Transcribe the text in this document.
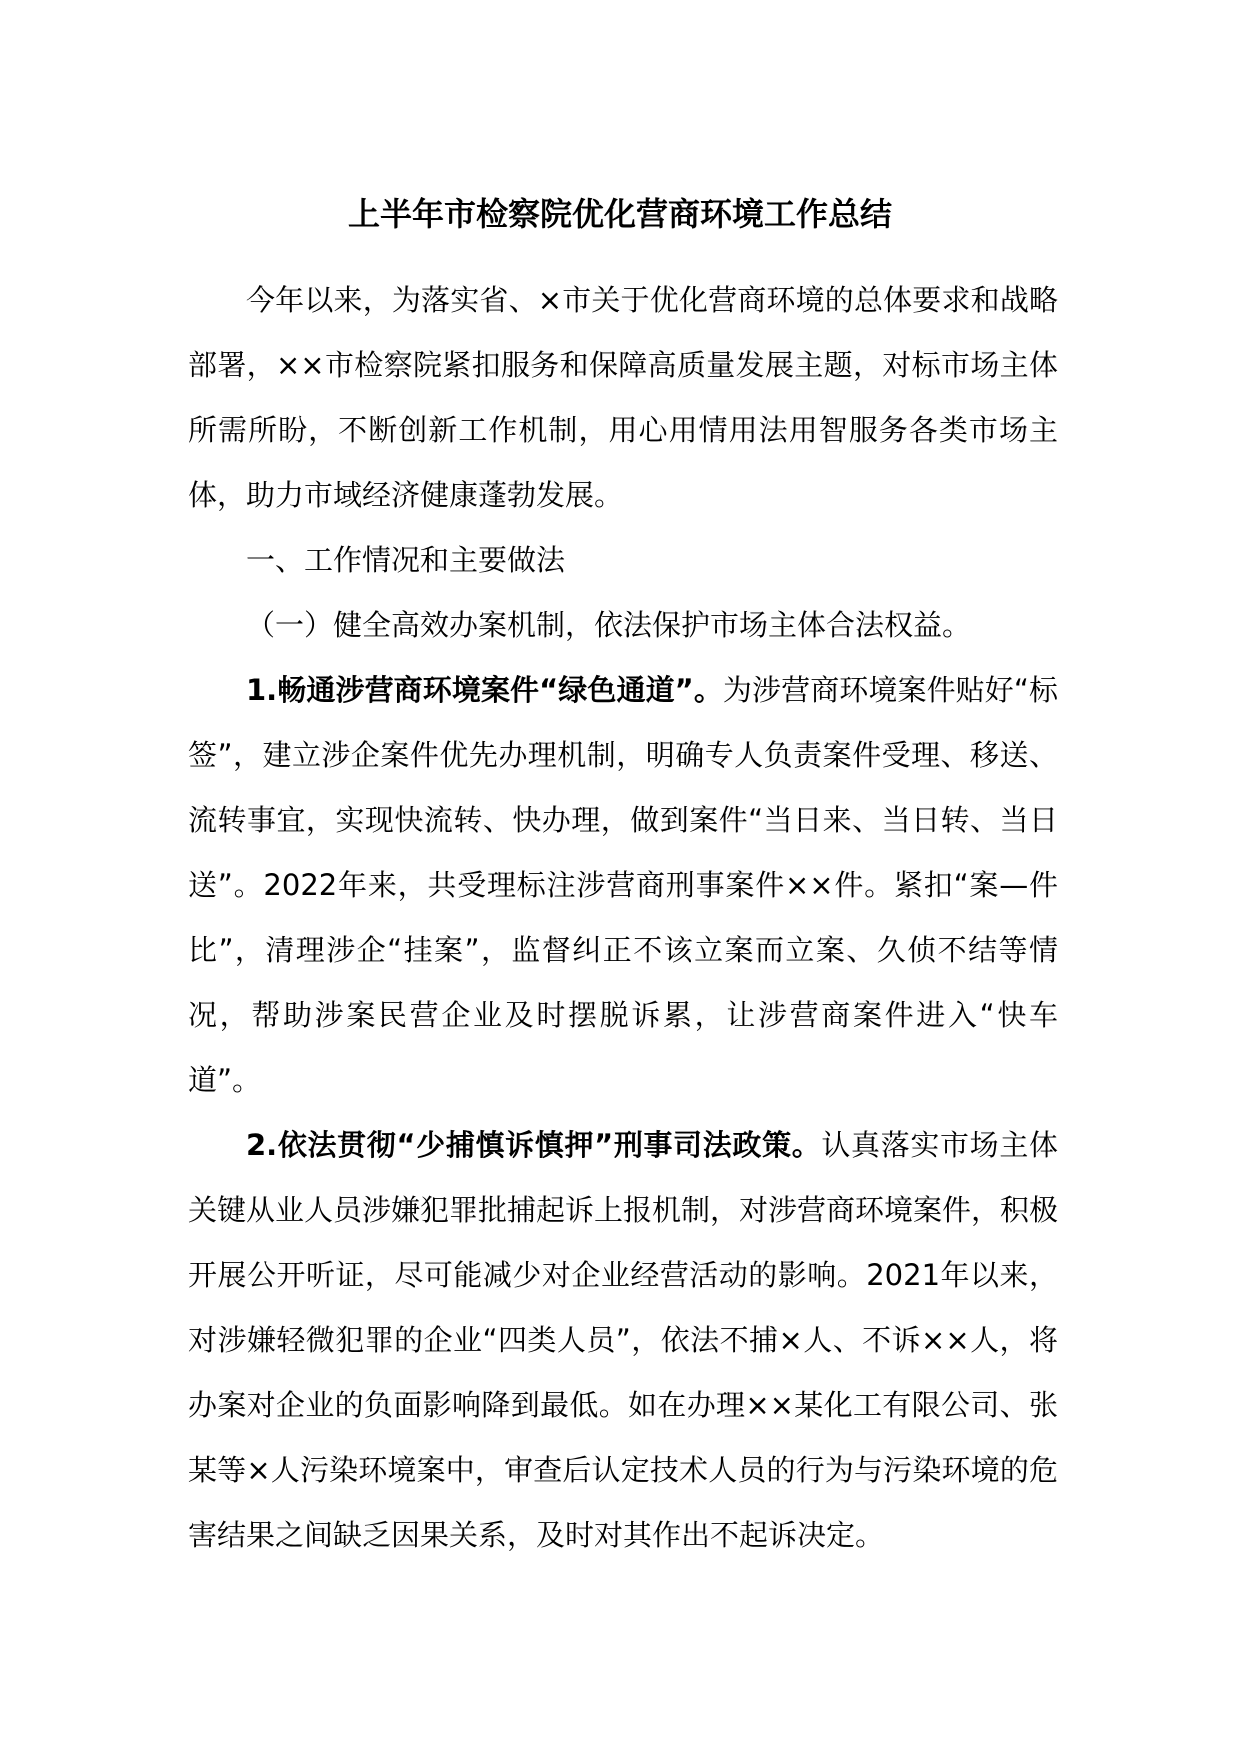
上半年市检察院优化营商环境工作总结

今年以来，为落实省、×市关于优化营商环境的总体要求和战略部署，××市检察院紧扣服务和保障高质量发展主题，对标市场主体所需所盼，不断创新工作机制，用心用情用法用智服务各类市场主体，助力市域经济健康蓬勃发展。

一、工作情况和主要做法

（一）健全高效办案机制，依法保护市场主体合法权益。

1.畅通涉营商环境案件“绿色通道”。为涉营商环境案件贴好“标签”，建立涉企案件优先办理机制，明确专人负责案件受理、移送、流转事宜，实现快流转、快办理，做到案件“当日来、当日转、当日送”。2022年来，共受理标注涉营商刑事案件××件。紧扣“案—件比”，清理涉企“挂案”，监督纠正不该立案而立案、久侦不结等情况，帮助涉案民营企业及时摆脱诉累，让涉营商案件进入“快车道”。

2.依法贯彻“少捕慎诉慎押”刑事司法政策。认真落实市场主体关键从业人员涉嫌犯罪批捕起诉上报机制，对涉营商环境案件，积极开展公开听证，尽可能减少对企业经营活动的影响。2021年以来，对涉嫌轻微犯罪的企业“四类人员”，依法不捕×人、不诉××人，将办案对企业的负面影响降到最低。如在办理××某化工有限公司、张某等×人污染环境案中，审查后认定技术人员的行为与污染环境的危害结果之间缺乏因果关系，及时对其作出不起诉决定。
